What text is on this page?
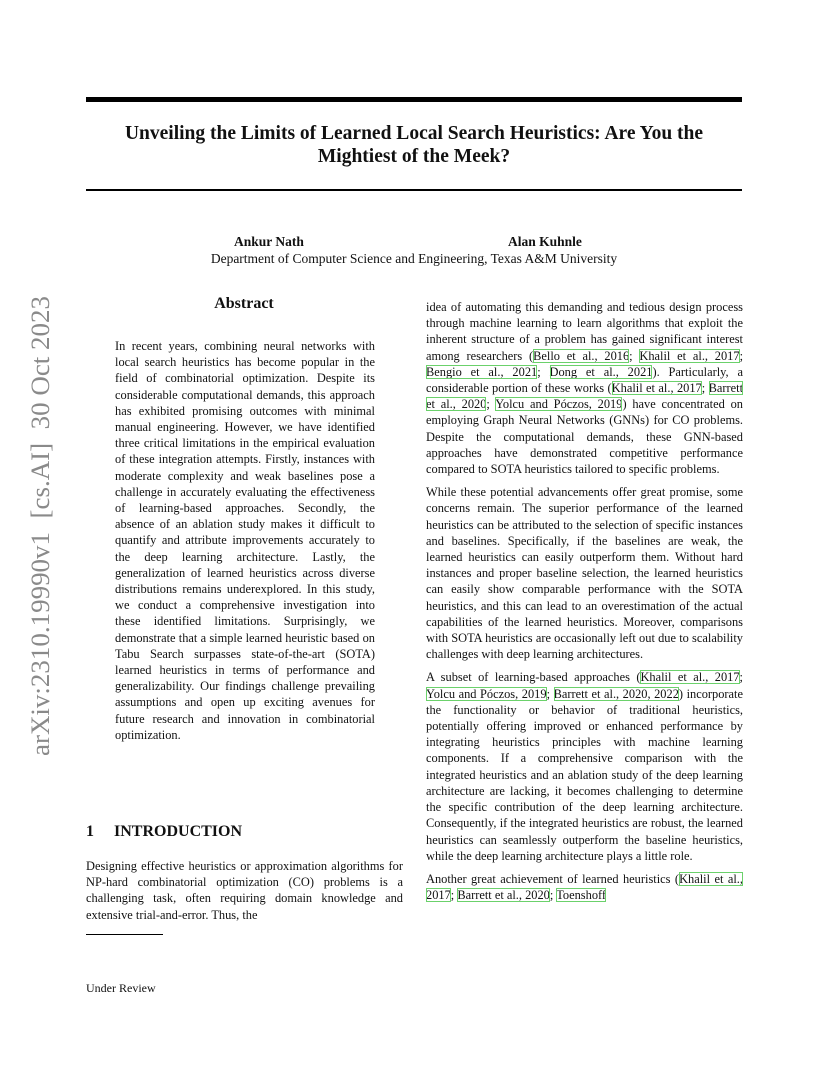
Unveiling the Limits of Learned Local Search Heuristics: Are You the Mightiest of the Meek?
Ankur Nath	Alan Kuhnle
Department of Computer Science and Engineering, Texas A&M University
arXiv:2310.19990v1  [cs.AI]  30 Oct 2023
Abstract
In recent years, combining neural networks with local search heuristics has become popular in the field of combinatorial optimization. Despite its considerable computational demands, this approach has exhibited promising outcomes with minimal manual engineering. However, we have identified three critical limitations in the empirical evaluation of these integration attempts. Firstly, instances with moderate complexity and weak baselines pose a challenge in accurately evaluating the effectiveness of learning-based approaches. Secondly, the absence of an ablation study makes it difficult to quantify and attribute improvements accurately to the deep learning architecture. Lastly, the generalization of learned heuristics across diverse distributions remains underexplored. In this study, we conduct a comprehensive investigation into these identified limitations. Surprisingly, we demonstrate that a simple learned heuristic based on Tabu Search surpasses state-of-the-art (SOTA) learned heuristics in terms of performance and generalizability. Our findings challenge prevailing assumptions and open up exciting avenues for future research and innovation in combinatorial optimization.
1 INTRODUCTION
Designing effective heuristics or approximation algorithms for NP-hard combinatorial optimization (CO) problems is a challenging task, often requiring domain knowledge and extensive trial-and-error. Thus, the
Under Review

idea of automating this demanding and tedious design process through machine learning to learn algorithms that exploit the inherent structure of a problem has gained significant interest among researchers (Bello et al., 2016; Khalil et al., 2017; Bengio et al., 2021; Dong et al., 2021). Particularly, a considerable portion of these works (Khalil et al., 2017; Barrett et al., 2020; Yolcu and Póczos, 2019) have concentrated on employing Graph Neural Networks (GNNs) for CO problems. Despite the computational demands, these GNN-based approaches have demonstrated competitive performance compared to SOTA heuristics tailored to specific problems.

While these potential advancements offer great promise, some concerns remain. The superior performance of the learned heuristics can be attributed to the selection of specific instances and baselines. Specifically, if the baselines are weak, the learned heuristics can easily outperform them. Without hard instances and proper baseline selection, the learned heuristics can easily show comparable performance with the SOTA heuristics, and this can lead to an overestimation of the actual capabilities of the learned heuristics. Moreover, comparisons with SOTA heuristics are occasionally left out due to scalability challenges with deep learning architectures.

A subset of learning-based approaches (Khalil et al., 2017; Yolcu and Póczos, 2019; Barrett et al., 2020, 2022) incorporate the functionality or behavior of traditional heuristics, potentially offering improved or enhanced performance by integrating heuristics principles with machine learning components. If a comprehensive comparison with the integrated heuristics and an ablation study of the deep learning architecture are lacking, it becomes challenging to determine the specific contribution of the deep learning architecture. Consequently, if the integrated heuristics are robust, the learned heuristics can seamlessly outperform the baseline heuristics, while the deep learning architecture plays a little role.

Another great achievement of learned heuristics (Khalil et al., 2017; Barrett et al., 2020; Toenshoff
